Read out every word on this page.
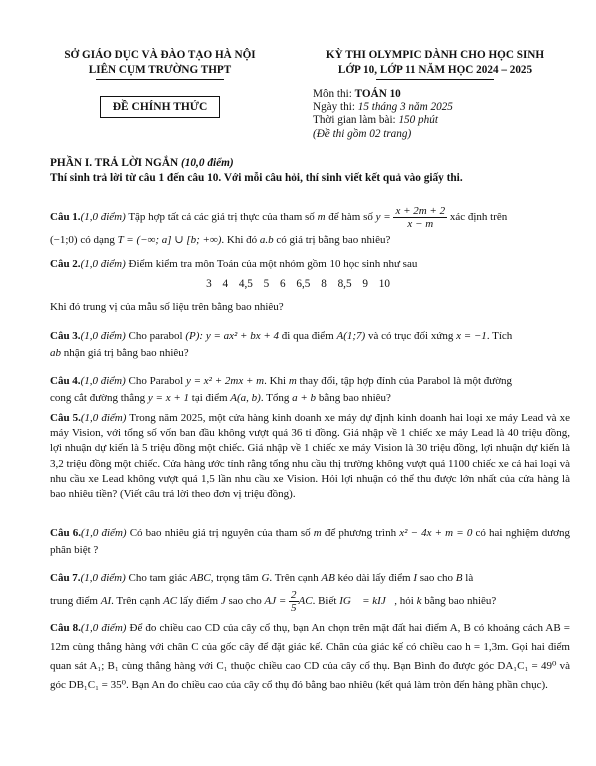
SỞ GIÁO DỤC VÀ ĐÀO TẠO HÀ NỘI
LIÊN CỤM TRƯỜNG THPT
KỲ THI OLYMPIC DÀNH CHO HỌC SINH
LỚP 10, LỚP 11 NĂM HỌC 2024 – 2025
ĐỀ CHÍNH THỨC
Môn thi: TOÁN 10
Ngày thi: 15 tháng 3 năm 2025
Thời gian làm bài: 150 phút
(Đề thi gồm 02 trang)
PHẦN I. TRẢ LỜI NGẮN (10,0 điểm)
Thí sinh trả lời từ câu 1 đến câu 10. Với mỗi câu hỏi, thí sinh viết kết quả vào giấy thi.
Câu 1.(1,0 điểm) Tập hợp tất cả các giá trị thực của tham số m để hàm số $y = \frac{x + 2m + 2}{x - m}$ xác định trên
(−1;0) có dạng T = (−∞; a] ∪ [b; +∞). Khi đó a.b có giá trị bằng bao nhiêu?
Câu 2.(1,0 điểm) Điểm kiểm tra môn Toán của một nhóm gồm 10 học sinh như sau
3 4 4,5 5 6 6,5 8 8,5 9 10
Khi đó trung vị của mẫu số liệu trên bằng bao nhiêu?
Câu 3.(1,0 điểm) Cho parabol (P): y = ax² + bx + 4 đi qua điểm A(1;7) và có trục đối xứng x = −1. Tích
ab nhận giá trị bằng bao nhiêu?
Câu 4.(1,0 điểm) Cho Parabol y = x² + 2mx + m. Khi m thay đổi, tập hợp đỉnh của Parabol là một đường
cong cắt đường thẳng y = x + 1 tại điểm A(a, b). Tổng a + b bằng bao nhiêu?
Câu 5.(1,0 điểm) Trong năm 2025, một cửa hàng kinh doanh xe máy dự định kinh doanh hai loại xe máy Lead và xe máy Vision, với tổng số vốn ban đầu không vượt quá 36 tỉ đồng. Giá nhập về 1 chiếc xe máy Lead là 40 triệu đồng, lợi nhuận dự kiến là 5 triệu đồng một chiếc. Giá nhập về 1 chiếc xe máy Vision là 30 triệu đồng, lợi nhuận dự kiến là 3,2 triệu đồng một chiếc. Cửa hàng ước tính rằng tổng nhu cầu thị trường không vượt quá 1100 chiếc xe cả hai loại và nhu cầu xe Lead không vượt quá 1,5 lần nhu cầu xe Vision. Hỏi lợi nhuận có thể thu được lớn nhất của cửa hàng là bao nhiêu tiền? (Viết câu trả lời theo đơn vị triệu đồng).
Câu 6.(1,0 điểm) Có bao nhiêu giá trị nguyên của tham số m để phương trình x² − 4x + m = 0 có hai nghiệm dương phân biệt ?
Câu 7.(1,0 điểm) Cho tam giác ABC, trọng tâm G. Trên cạnh AB kéo dài lấy điểm I sao cho B là
trung điểm AI. Trên cạnh AC lấy điểm J sao cho AJ = $\frac{2}{5}$ AC. Biết IG⃗ = kIJ⃗, hỏi k bằng bao nhiêu?
Câu 8.(1,0 điểm) Để đo chiều cao CD của cây cổ thụ, bạn An chọn trên mặt đất hai điểm A, B có khoảng cách AB = 12m cùng thẳng hàng với chân C của gốc cây để đặt giác kế. Chân của giác kế có chiều cao h = 1,3m. Gọi hai điểm quan sát A₁; B₁ cùng thẳng hàng với C₁ thuộc chiều cao CD của cây cổ thụ. Bạn Bình đo được góc DA₁C₁ = 49⁰ và góc DB₁C₁ = 35⁰. Bạn An đo chiều cao của cây cổ thụ đó bằng bao nhiêu (kết quả làm tròn đến hàng phần chục).
